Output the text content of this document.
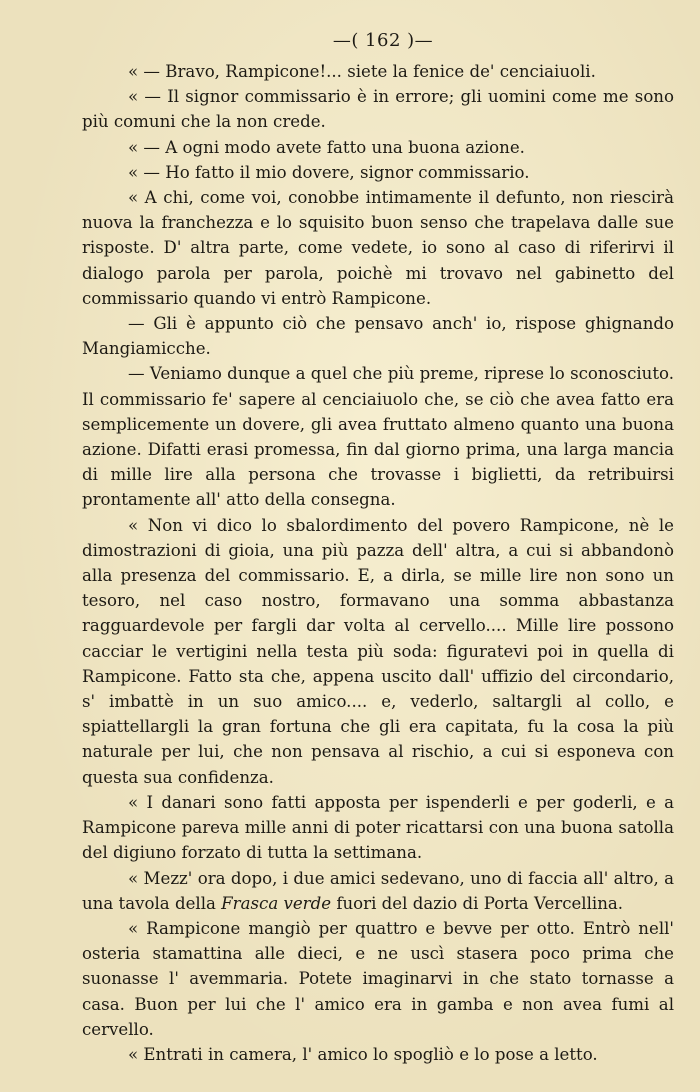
—( 162 )—

« — Bravo, Rampicone!... siete la fenice de' cenciaiuoli.

« — Il signor commissario è in errore; gli uomini come me sono più comuni che la non crede.

« — A ogni modo avete fatto una buona azione.

« — Ho fatto il mio dovere, signor commissario.

« A chi, come voi, conobbe intimamente il defunto, non riescirà nuova la franchezza e lo squisito buon senso che trapelava dalle sue risposte. D' altra parte, come vedete, io sono al caso di riferirvi il dialogo parola per parola, poichè mi trovavo nel gabinetto del commissario quando vi entrò Rampicone.

— Gli è appunto ciò che pensavo anch' io, rispose ghignando Mangiamicche.

— Veniamo dunque a quel che più preme, riprese lo sconosciuto. Il commissario fe' sapere al cenciaiuolo che, se ciò che avea fatto era semplicemente un dovere, gli avea fruttato almeno quanto una buona azione. Difatti erasi promessa, fin dal giorno prima, una larga mancia di mille lire alla persona che trovasse i biglietti, da retribuirsi prontamente all' atto della consegna.

« Non vi dico lo sbalordimento del povero Rampicone, nè le dimostrazioni di gioia, una più pazza dell' altra, a cui si abbandonò alla presenza del commissario. E, a dirla, se mille lire non sono un tesoro, nel caso nostro, formavano una somma abbastanza ragguardevole per fargli dar volta al cervello.... Mille lire possono cacciar le vertigini nella testa più soda: figuratevi poi in quella di Rampicone. Fatto sta che, appena uscito dall' uffizio del circondario, s' imbattè in un suo amico.... e, vederlo, saltargli al collo, e spiattellargli la gran fortuna che gli era capitata, fu la cosa la più naturale per lui, che non pensava al rischio, a cui si esponeva con questa sua confidenza.

« I danari sono fatti apposta per ispenderli e per goderli, e a Rampicone pareva mille anni di poter ricattarsi con una buona satolla del digiuno forzato di tutta la settimana.

« Mezz' ora dopo, i due amici sedevano, uno di faccia all' altro, a una tavola della Frasca verde fuori del dazio di Porta Vercellina.

« Rampicone mangiò per quattro e bevve per otto. Entrò nell' osteria stamattina alle dieci, e ne uscì stasera poco prima che suonasse l' avemmaria. Potete imaginarvi in che stato tornasse a casa. Buon per lui che l' amico era in gamba e non avea fumi al cervello.

« Entrati in camera, l' amico lo spogliò e lo pose a letto.
